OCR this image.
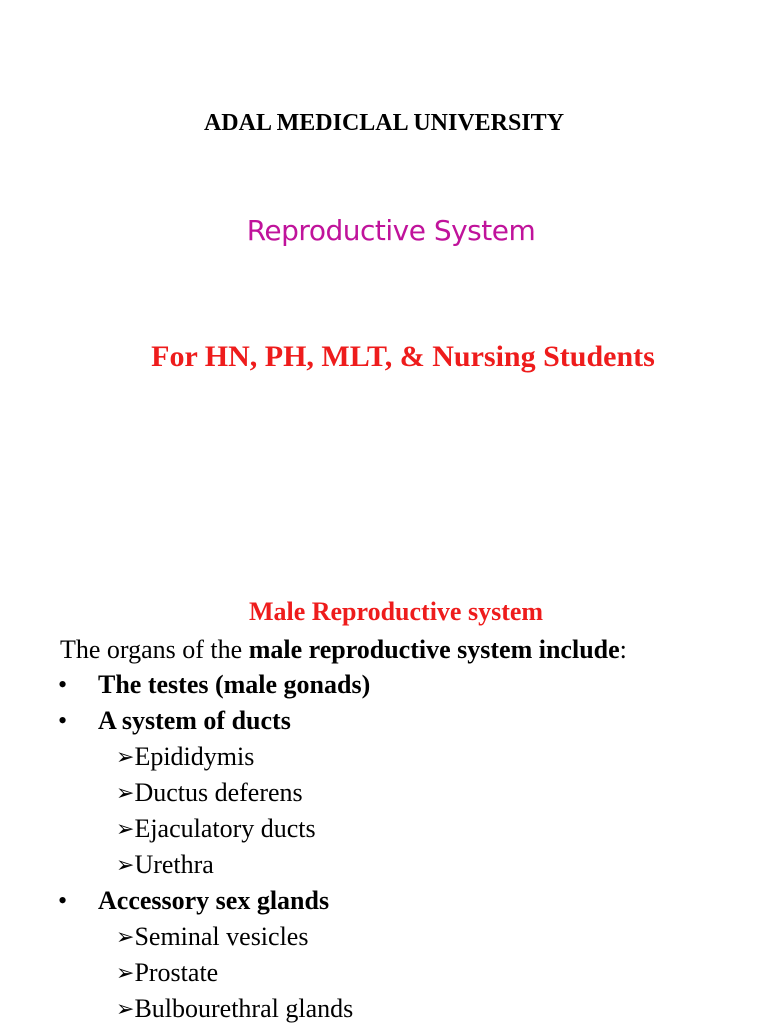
ADAL MEDICLAL UNIVERSITY
Reproductive System
For HN, PH, MLT, & Nursing Students
Male Reproductive system
The organs of the male reproductive system include:
• The testes (male gonads)
• A system of ducts
➢Epididymis
➢Ductus deferens
➢Ejaculatory ducts
➢Urethra
• Accessory sex glands
➢Seminal vesicles
➢Prostate
➢Bulbourethral glands
